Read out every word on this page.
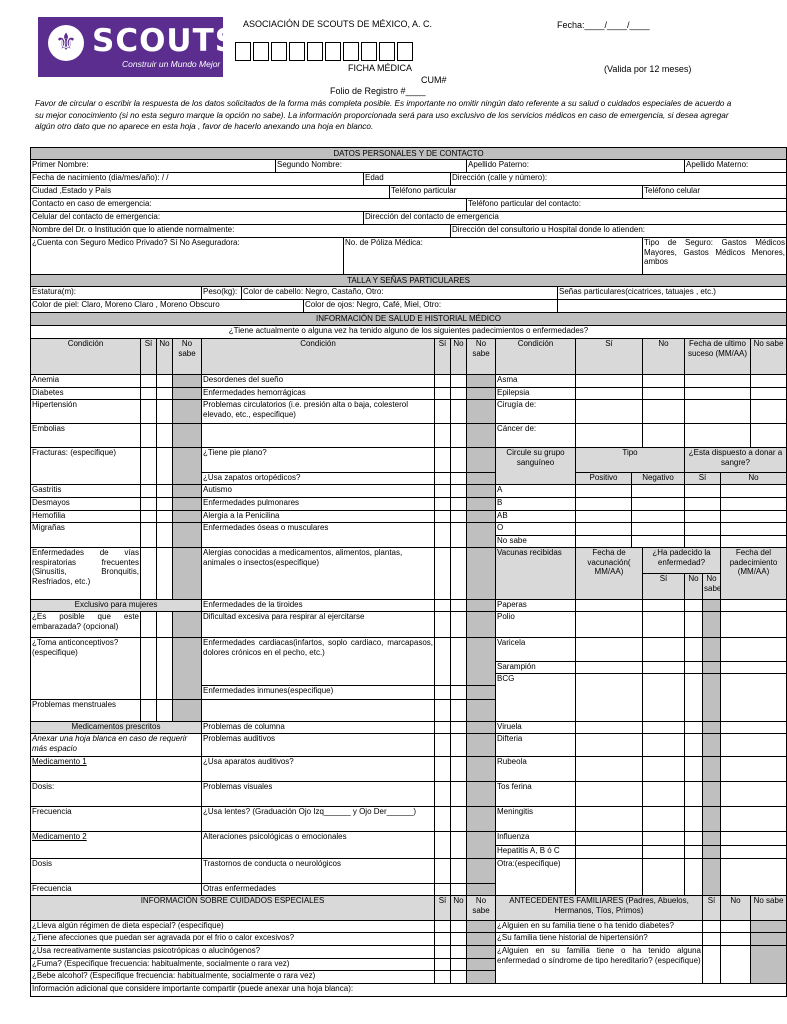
⚜ SCOUTS®
Construir un Mundo Mejor
ASOCIACIÓN DE SCOUTS DE MÉXICO, A. C.	Fecha:____/____/____
FICHA MÉDICA	(Valida por 12 meses)
CUM#
Folio de Registro #____
Favor de circular o escribir la respuesta de los datos solicitados de la forma más completa posible. Es importante no omitir ningún dato referente a su salud o cuidados especiales de acuerdo a su mejor conocimiento (si no esta seguro marque la opción no sabe). La información proporcionada será para uso exclusivo de los servicios médicos en caso de emergencia, si desea agregar algún otro dato que no aparece en esta hoja , favor de hacerlo anexando una hoja en blanco.

DATOS PERSONALES Y DE CONTACTO																						
Primer Nombre:						Segundo Nombre:							Apellido Paterno:						Apellido Materno:			
Fecha de nacimiento (dia/mes/año): / /									Edad			Dirección (calle y número):										
Ciudad ,Estado y País										Teléfono particular								Teléfono celular				
Contacto en caso de emergencia:													Teléfono particular del contacto:									
Celular del contacto de emergencia:									Dirección del contacto de emergencia													
Nombre del Dr. o Institución que lo atiende normalmente:												Dirección del consultorio u Hospital donde lo atienden:										
¿Cuenta con Seguro Medico Privado? Sí No Aseguradora:								No. de Póliza Médica:										Tipo de Seguro: Gastos Médicos Mayores, Gastos Médicos Menores, ambos				

TALLA Y SEÑAS PARTICULARES																						
Estatura(m):				Peso(kg):	Color de cabello: Negro, Castaño, Otro:										Señas particulares(cicatrices, tatuajes , etc.)							
Color de piel: Claro, Moreno Claro , Moreno Obscuro							Color de ojos: Negro, Café, Miel, Otro:															
INFORMACIÓN DE SALUD E HISTORIAL MÉDICO																						
¿Tiene actualmente o alguna vez ha tenido alguno de los siguientes padecimientos o enfermedades?																						
Condición	Sí	No	No sabe	Condición							Sí	No	No sabe	Condición		Sí		No	Fecha de ultimo suceso (MM/AA)			No sabe
Anemia				Desordenes del sueño										Asma								
Diabetes				Enfermedades hemorrágicas										Epilepsia								
Hipertensión				Problemas circulatorios (i.e. presión alta o baja, colesterol elevado, etc., especifique)										Cirugía de:								
Embolias														Cáncer de:								
Fracturas: (especifique)				¿Tiene pie plano?										Circule su grupo sanguíneo		Tipo			¿Esta dispuesto a donar a sangre?			
				¿Usa zapatos ortopédicos?												Positivo	Negativo		Sí		No	
Gastritis				Autismo										A								
Desmayos				Enfermedades pulmonares										B								
Hemofilia				Alergia a la Penicilina										AB								
Migrañas				Enfermedades óseas o musculares										O								
														No sabe								
Enfermedades de vías respiratorias frecuentes (Sinusitis, Bronquitis, Resfriados, etc.)				Alergias conocidas a medicamentos, alimentos, plantas, animales o insectos(especifique)										Vacunas recibidas		Fecha de vacunación( MM/AA)		¿Ha padecido la enfermedad?			Fecha del padecimiento (MM/AA)	
																		Sí	No	No sabe		
Exclusivo para mujeres				Enfermedades de la tiroides										Paperas								
¿Es posible que este embarazada? (opcional)				Dificultad excesiva para respirar al ejercitarse										Polio								
¿Toma anticonceptivos? (especifique)				Enfermedades cardiacas(infartos, soplo cardiaco, marcapasos, dolores crónicos en el pecho, etc.)										Varicela								
														Sarampión								
														BCG								
				Enfermedades inmunes(especifique)																		
Problemas menstruales																						
Medicamentos prescritos				Problemas de columna										Viruela								
Anexar una hoja blanca en caso de requerir más espacio				Problemas auditivos										Difteria								
Medicamento 1				¿Usa aparatos auditivos?										Rubeola								
Dosis:				Problemas visuales										Tos ferina								
Frecuencia				¿Usa lentes? (Graduación Ojo Izq______ y Ojo Der______)										Meningitis								
Medicamento 2				Alteraciones psicológicas o emocionales										Influenza								
														Hepatitis A, B ó C								
Dosis				Trastornos de conducta o neurológicos										Otra:(especifique)								
Frecuencia				Otras enfermedades																		
INFORMACIÓN SOBRE CUIDADOS ESPECIALES											Sí	No	No sabe	ANTECEDENTES FAMILIARES (Padres, Abuelos, Hermanos, Tíos, Primos)						Sí	No	No sabe
¿Lleva algún régimen de dieta especial? (especifique)														¿Alguien en su familia tiene o ha tenido diabetes?								
¿Tiene afecciones que puedan ser agravada por el frio o calor excesivos?														¿Su familia tiene historial de hipertensión?								
¿Usa recreativamente sustancias psicotrópicas o alucinógenos?														¿Alguien en su familia tiene o ha tenido alguna enfermedad o síndrome de tipo hereditario? (especifique)								
¿Fuma? (Especifique frecuencia: habitualmente, socialmente o rara vez)																						
¿Bebe alcohol? (Especifique frecuencia: habitualmente, socialmente o rara vez)																						
Información adicional que considere importante compartir (puede anexar una hoja blanca):																						
